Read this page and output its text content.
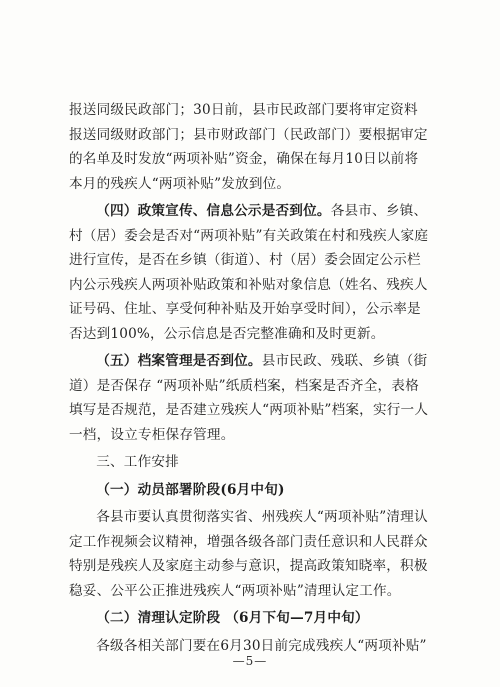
报送同级民政部门；30日前，县市民政部门要将审定资料报送同级财政部门；县市财政部门（民政部门）要根据审定的名单及时发放“两项补贴”资金，确保在每月10日以前将本月的残疾人“两项补贴”发放到位。

（四）政策宣传、信息公示是否到位。各县市、乡镇、村（居）委会是否对“两项补贴”有关政策在村和残疾人家庭进行宣传，是否在乡镇（街道）、村（居）委会固定公示栏内公示残疾人两项补贴政策和补贴对象信息（姓名、残疾人证号码、住址、享受何种补贴及开始享受时间），公示率是否达到100%，公示信息是否完整准确和及时更新。

（五）档案管理是否到位。县市民政、残联、乡镇（街道）是否保存 “两项补贴”纸质档案，档案是否齐全，表格填写是否规范，是否建立残疾人“两项补贴”档案，实行一人一档，设立专柜保存管理。

三、工作安排

（一）动员部署阶段(6月中旬)

各县市要认真贯彻落实省、州残疾人“两项补贴”清理认定工作视频会议精神，增强各级各部门责任意识和人民群众特别是残疾人及家庭主动参与意识，提高政策知晓率，积极稳妥、公平公正推进残疾人“两项补贴”清理认定工作。

（二）清理认定阶段 （6月下旬—7月中旬）

各级各相关部门要在6月30日前完成残疾人“两项补贴”

—5—
